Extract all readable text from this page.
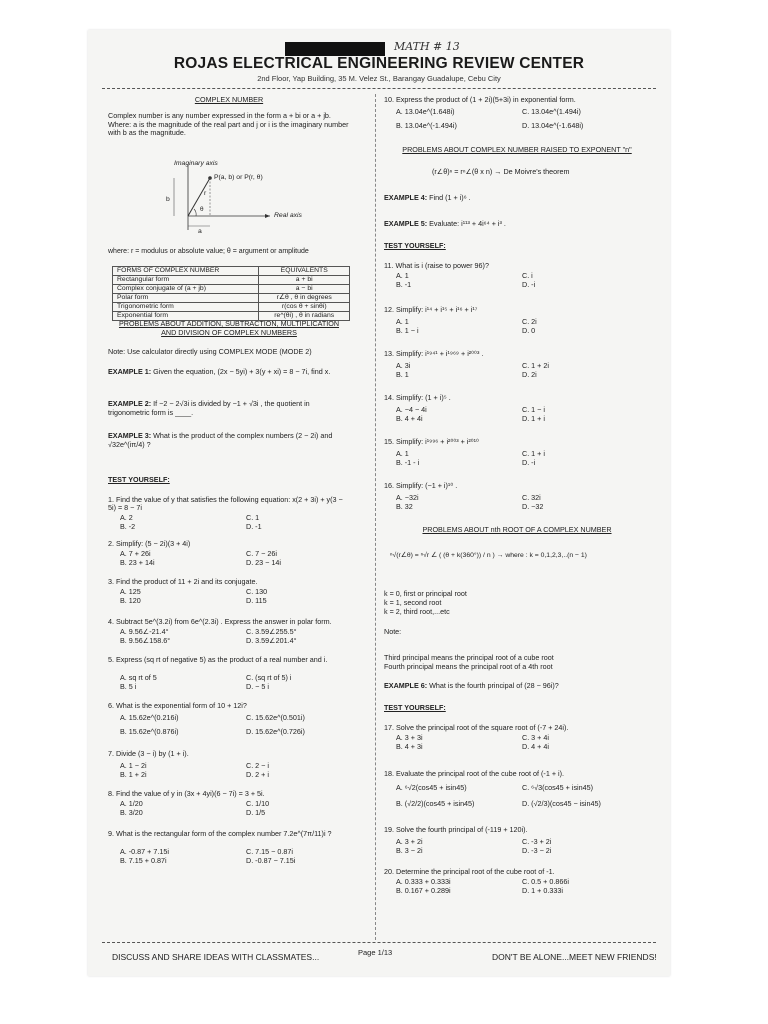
MATH # 13
ROJAS ELECTRICAL ENGINEERING REVIEW CENTER
2nd Floor, Yap Building, 35 M. Velez St., Barangay Guadalupe, Cebu City
COMPLEX NUMBER
Complex number is any number expressed in the form a + bi or a + jb. Where: a is the magnitude of the real part and j or i is the imaginary number with b as the magnitude.
Imaginary axis
P(a, b) or P(r, θ)
Real axis
b
a
r
θ
where: r = modulus or absolute value; θ = argument or amplitude
FORMS OF COMPLEX NUMBER	EQUIVALENTS
Rectangular form	a + bi
Complex conjugate of (a + jb)	a − bi
Polar form	r∠θ , θ in degrees
Trigonometric form	r(cos θ + sinθi)
Exponential form	re^(θi) , θ in radians
PROBLEMS ABOUT ADDITION, SUBTRACTION, MULTIPLICATION
AND DIVISION OF COMPLEX NUMBERS
Note: Use calculator directly using COMPLEX MODE (MODE 2)
EXAMPLE 1: Given the equation, (2x − 5yi) + 3(y + xi) = 8 − 7i, find x.
EXAMPLE 2: If −2 − 2√3i is divided by −1 + √3i , the quotient in trigonometric form is ____.
EXAMPLE 3: What is the product of the complex numbers (2 − 2i) and √32e^(iπ/4) ?
TEST YOURSELF:
1. Find the value of y that satisfies the following equation: x(2 + 3i) + y(3 − 5i) = 8 − 7i
A. 2
B. -2
C. 1
D. -1
2. Simplify: (5 − 2i)(3 + 4i)
A. 7 + 26i
B. 23 + 14i
C. 7 − 26i
D. 23 − 14i
3. Find the product of 11 + 2i and its conjugate.
A. 125
B. 120
C. 130
D. 115
4. Subtract 5e^(3.2i) from 6e^(2.3i) . Express the answer in polar form.
A. 9.56∠-21.4°
B. 9.56∠158.6°
C. 3.59∠255.5°
D. 3.59∠201.4°
5. Express (sq rt of negative 5) as the product of a real number and i.
A. sq rt of 5
B. 5 i
C. (sq rt of 5) i
D. − 5 i
6. What is the exponential form of 10 + 12i?
A. 15.62e^(0.216i)
B. 15.62e^(0.876i)
C. 15.62e^(0.501i)
D. 15.62e^(0.726i)
7. Divide (3 − i) by (1 + i).
A. 1 − 2i
B. 1 + 2i
C. 2 − i
D. 2 + i
8. Find the value of y in (3x + 4yi)(6 − 7i) = 3 + 5i.
A. 1/20
B. 3/20
C. 1/10
D. 1/5
9. What is the rectangular form of the complex number 7.2e^(7π/11)i ?
A. -0.87 + 7.15i
B. 7.15 + 0.87i
C. 7.15 − 0.87i
D. -0.87 − 7.15i
10. Express the product of (1 + 2i)(5+3i) in exponential form.
A. 13.04e^(1.648i)
B. 13.04e^(-1.494i)
C. 13.04e^(1.494i)
D. 13.04e^(-1.648i)
PROBLEMS ABOUT COMPLEX NUMBER RAISED TO EXPONENT "n"
(r∠θ)ⁿ = rⁿ∠(θ x n) → De Moivre's theorem
EXAMPLE 4: Find (1 + i)⁶ .
EXAMPLE 5: Evaluate: i¹¹³ + 4i⁶⁴ + i³ .
TEST YOURSELF:
11. What is i (raise to power 96)?
A. 1
B. -1
C. i
D. -i
12. Simplify: i¹⁴ + i¹⁵ + i¹⁶ + i¹⁷
A. 1
B. 1 − i
C. 2i
D. 0
13. Simplify: i¹⁹⁴¹ + i¹⁹⁶⁹ + i²⁰⁰³ .
A. 3i
B. 1
C. 1 + 2i
D. 2i
14. Simplify: (1 + i)⁵ .
A. −4 − 4i
B. 4 + 4i
C. 1 − i
D. 1 + i
15. Simplify: i¹⁹⁹⁶ + i²⁰⁰³ + i²⁰¹⁰
A. 1
B. -1 - i
C. 1 + i
D. -i
16. Simplify: (−1 + i)¹⁰ .
A. −32i
B. 32
C. 32i
D. −32
PROBLEMS ABOUT nth ROOT OF A COMPLEX NUMBER
ⁿ√(r∠θ) = ⁿ√r ∠ ( (θ + k(360°)) / n ) → where : k = 0,1,2,3,..(n − 1)
k = 0, first or principal root
k = 1, second root
k = 2, third root,...etc
Note:
Third principal means the principal root of a cube root
Fourth principal means the principal root of a 4th root
EXAMPLE 6: What is the fourth principal of (28 − 96i)?
TEST YOURSELF:
17. Solve the principal root of the square root of (-7 + 24i).
A. 3 + 3i
B. 4 + 3i
C. 3 + 4i
D. 4 + 4i
18. Evaluate the principal root of the cube root of (-1 + i).
A. ⁶√2(cos45 + isin45)
B. (√2/2)(cos45 + isin45)
C. ⁶√3(cos45 + isin45)
D. (√2/3)(cos45 − isin45)
19. Solve the fourth principal of (-119 + 120i).
A. 3 + 2i
B. 3 − 2i
C. -3 + 2i
D. -3 − 2i
20. Determine the principal root of the cube root of -1.
A. 0.333 + 0.333i
B. 0.167 + 0.289i
C. 0.5 + 0.866i
D. 1 + 0.333i
DISCUSS AND SHARE IDEAS WITH CLASSMATES...	Page 1/13	DON'T BE ALONE...MEET NEW FRIENDS!
